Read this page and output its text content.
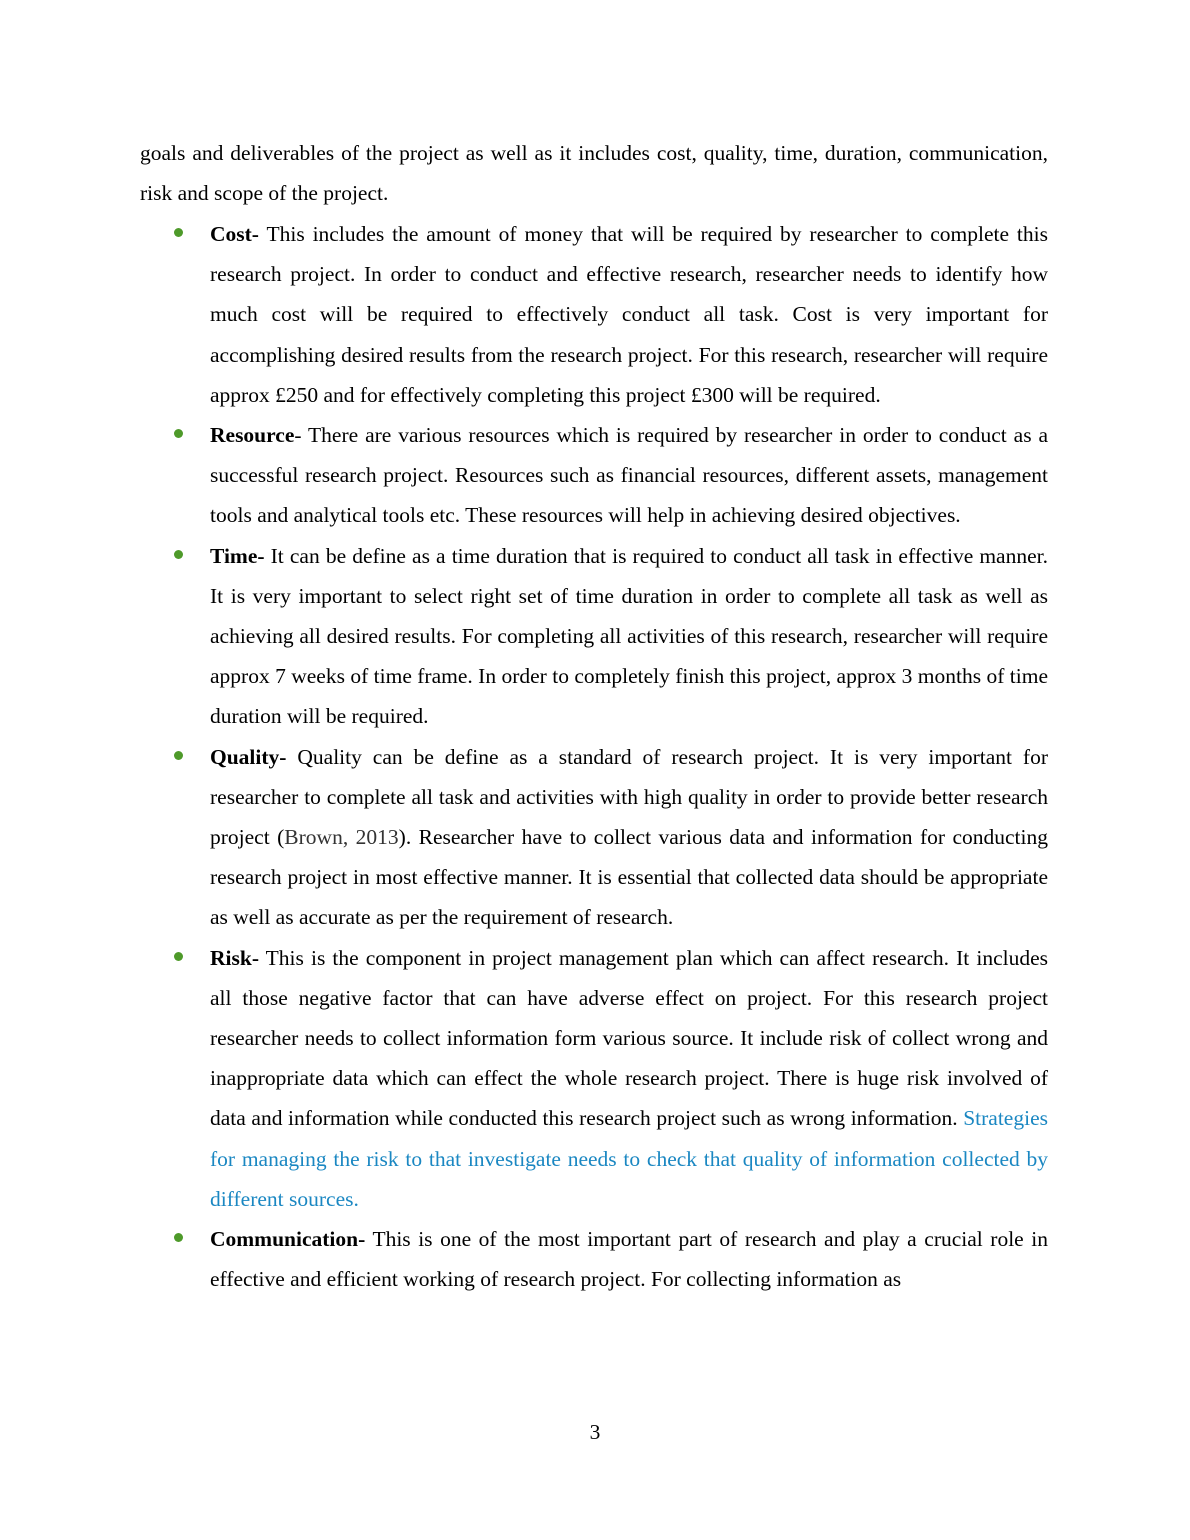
goals and deliverables of the project as well as it includes cost, quality, time, duration, communication, risk and scope of the project.

Cost- This includes the amount of money that will be required by researcher to complete this research project. In order to conduct and effective research, researcher needs to identify how much cost will be required to effectively conduct all task. Cost is very important for accomplishing desired results from the research project. For this research, researcher will require approx £250 and for effectively completing this project £300 will be required.
Resource- There are various resources which is required by researcher in order to conduct as a successful research project. Resources such as financial resources, different assets, management tools and analytical tools etc. These resources will help in achieving desired objectives.
Time- It can be define as a time duration that is required to conduct all task in effective manner. It is very important to select right set of time duration in order to complete all task as well as achieving all desired results. For completing all activities of this research, researcher will require approx 7 weeks of time frame. In order to completely finish this project, approx 3 months of time duration will be required.
Quality- Quality can be define as a standard of research project. It is very important for researcher to complete all task and activities with high quality in order to provide better research project (Brown, 2013). Researcher have to collect various data and information for conducting research project in most effective manner. It is essential that collected data should be appropriate as well as accurate as per the requirement of research.
Risk- This is the component in project management plan which can affect research. It includes all those negative factor that can have adverse effect on project. For this research project researcher needs to collect information form various source. It include risk of collect wrong and inappropriate data which can effect the whole research project. There is huge risk involved of data and information while conducted this research project such as wrong information. Strategies for managing the risk to that investigate needs to check that quality of information collected by different sources.
Communication- This is one of the most important part of research and play a crucial role in effective and efficient working of research project. For collecting information as
3
